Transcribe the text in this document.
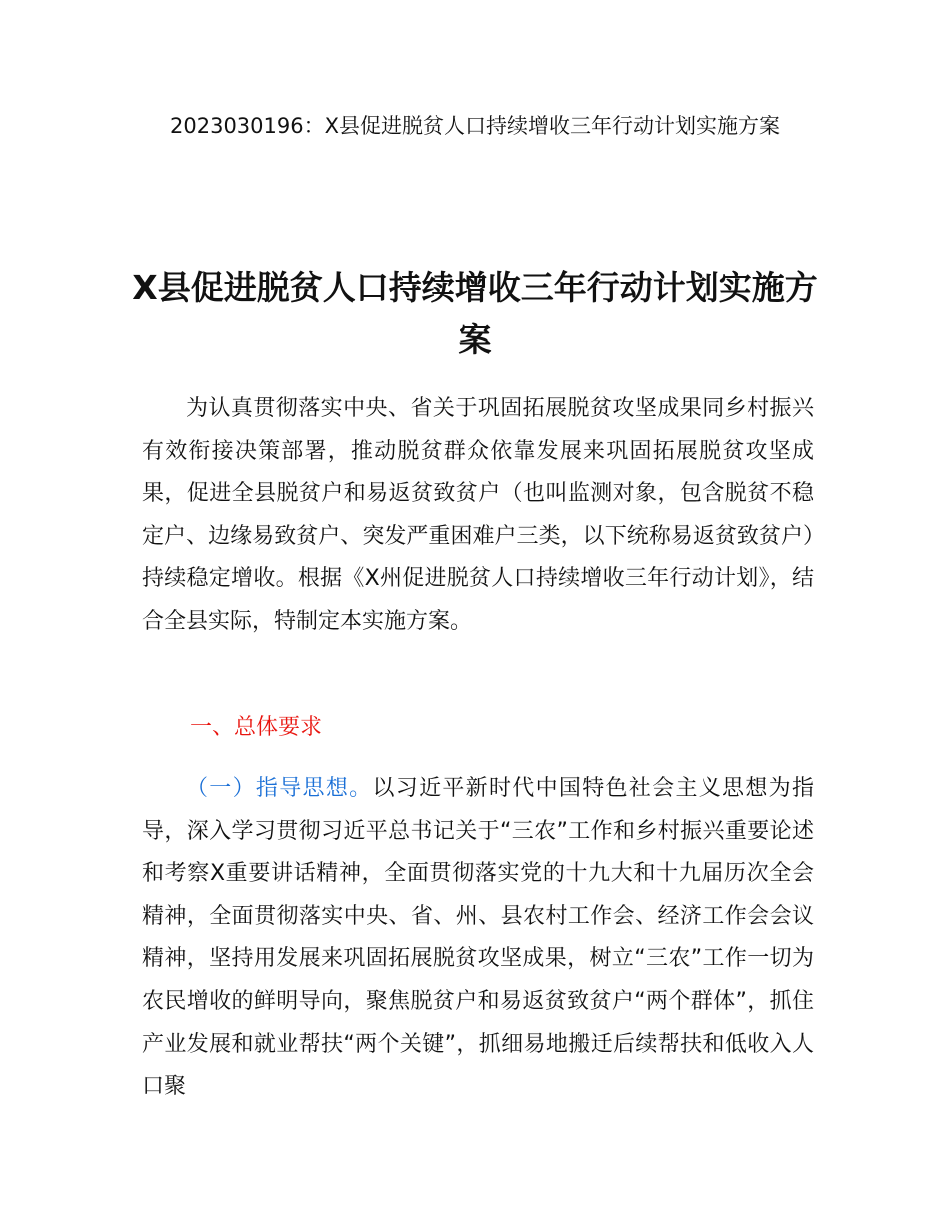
2023030196：X县促进脱贫人口持续增收三年行动计划实施方案
X县促进脱贫人口持续增收三年行动计划实施方案

为认真贯彻落实中央、省关于巩固拓展脱贫攻坚成果同乡村振兴有效衔接决策部署，推动脱贫群众依靠发展来巩固拓展脱贫攻坚成果，促进全县脱贫户和易返贫致贫户（也叫监测对象，包含脱贫不稳定户、边缘易致贫户、突发严重困难户三类，以下统称易返贫致贫户）持续稳定增收。根据《X州促进脱贫人口持续增收三年行动计划》，结合全县实际，特制定本实施方案。

一、总体要求

（一）指导思想。以习近平新时代中国特色社会主义思想为指导，深入学习贯彻习近平总书记关于“三农”工作和乡村振兴重要论述和考察X重要讲话精神，全面贯彻落实党的十九大和十九届历次全会精神，全面贯彻落实中央、省、州、县农村工作会、经济工作会会议精神，坚持用发展来巩固拓展脱贫攻坚成果，树立“三农”工作一切为农民增收的鲜明导向，聚焦脱贫户和易返贫致贫户“两个群体”，抓住产业发展和就业帮扶“两个关键”，抓细易地搬迁后续帮扶和低收入人口聚
